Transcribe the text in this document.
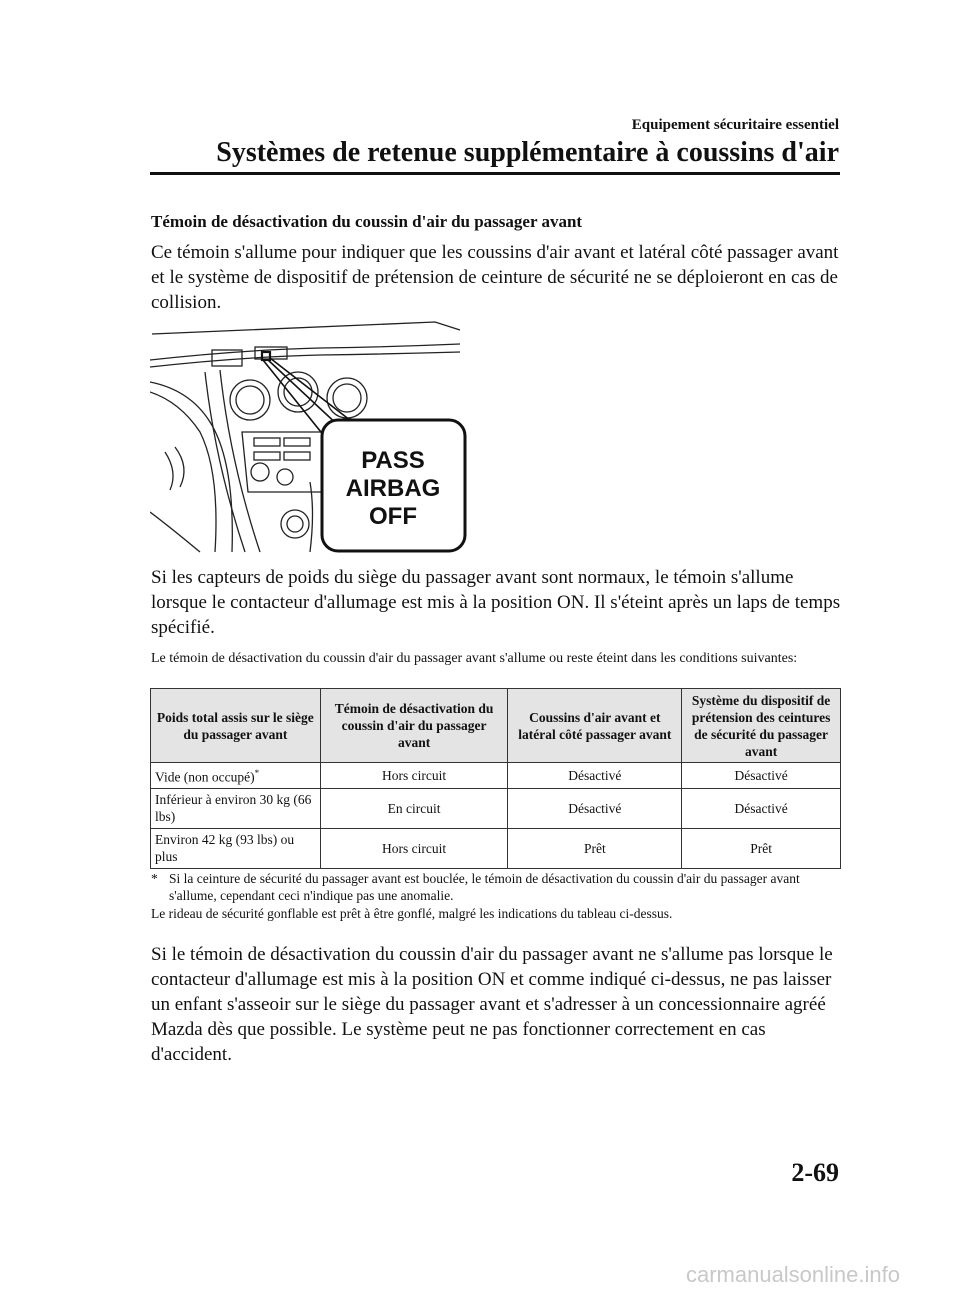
Equipement sécuritaire essentiel
Systèmes de retenue supplémentaire à coussins d'air
Témoin de désactivation du coussin d'air du passager avant
Ce témoin s'allume pour indiquer que les coussins d'air avant et latéral côté passager avant et le système de dispositif de prétension de ceinture de sécurité ne se déploieront en cas de collision.
PASS
AIRBAG
OFF
Si les capteurs de poids du siège du passager avant sont normaux, le témoin s'allume lorsque le contacteur d'allumage est mis à la position ON. Il s'éteint après un laps de temps spécifié.
Le témoin de désactivation du coussin d'air du passager avant s'allume ou reste éteint dans les conditions suivantes:
Poids total assis sur le siège du passager avant	Témoin de désactivation du coussin d'air du passager avant	Coussins d'air avant et latéral côté passager avant	Système du dispositif de prétension des ceintures de sécurité du passager avant
Vide (non occupé)*	Hors circuit	Désactivé	Désactivé
Inférieur à environ 30 kg (66 lbs)	En circuit	Désactivé	Désactivé
Environ 42 kg (93 lbs) ou plus	Hors circuit	Prêt	Prêt
* Si la ceinture de sécurité du passager avant est bouclée, le témoin de désactivation du coussin d'air du passager avant s'allume, cependant ceci n'indique pas une anomalie.
Le rideau de sécurité gonflable est prêt à être gonflé, malgré les indications du tableau ci-dessus.
Si le témoin de désactivation du coussin d'air du passager avant ne s'allume pas lorsque le contacteur d'allumage est mis à la position ON et comme indiqué ci-dessus, ne pas laisser un enfant s'asseoir sur le siège du passager avant et s'adresser à un concessionnaire agréé Mazda dès que possible. Le système peut ne pas fonctionner correctement en cas d'accident.
2-69
carmanualsonline.info
